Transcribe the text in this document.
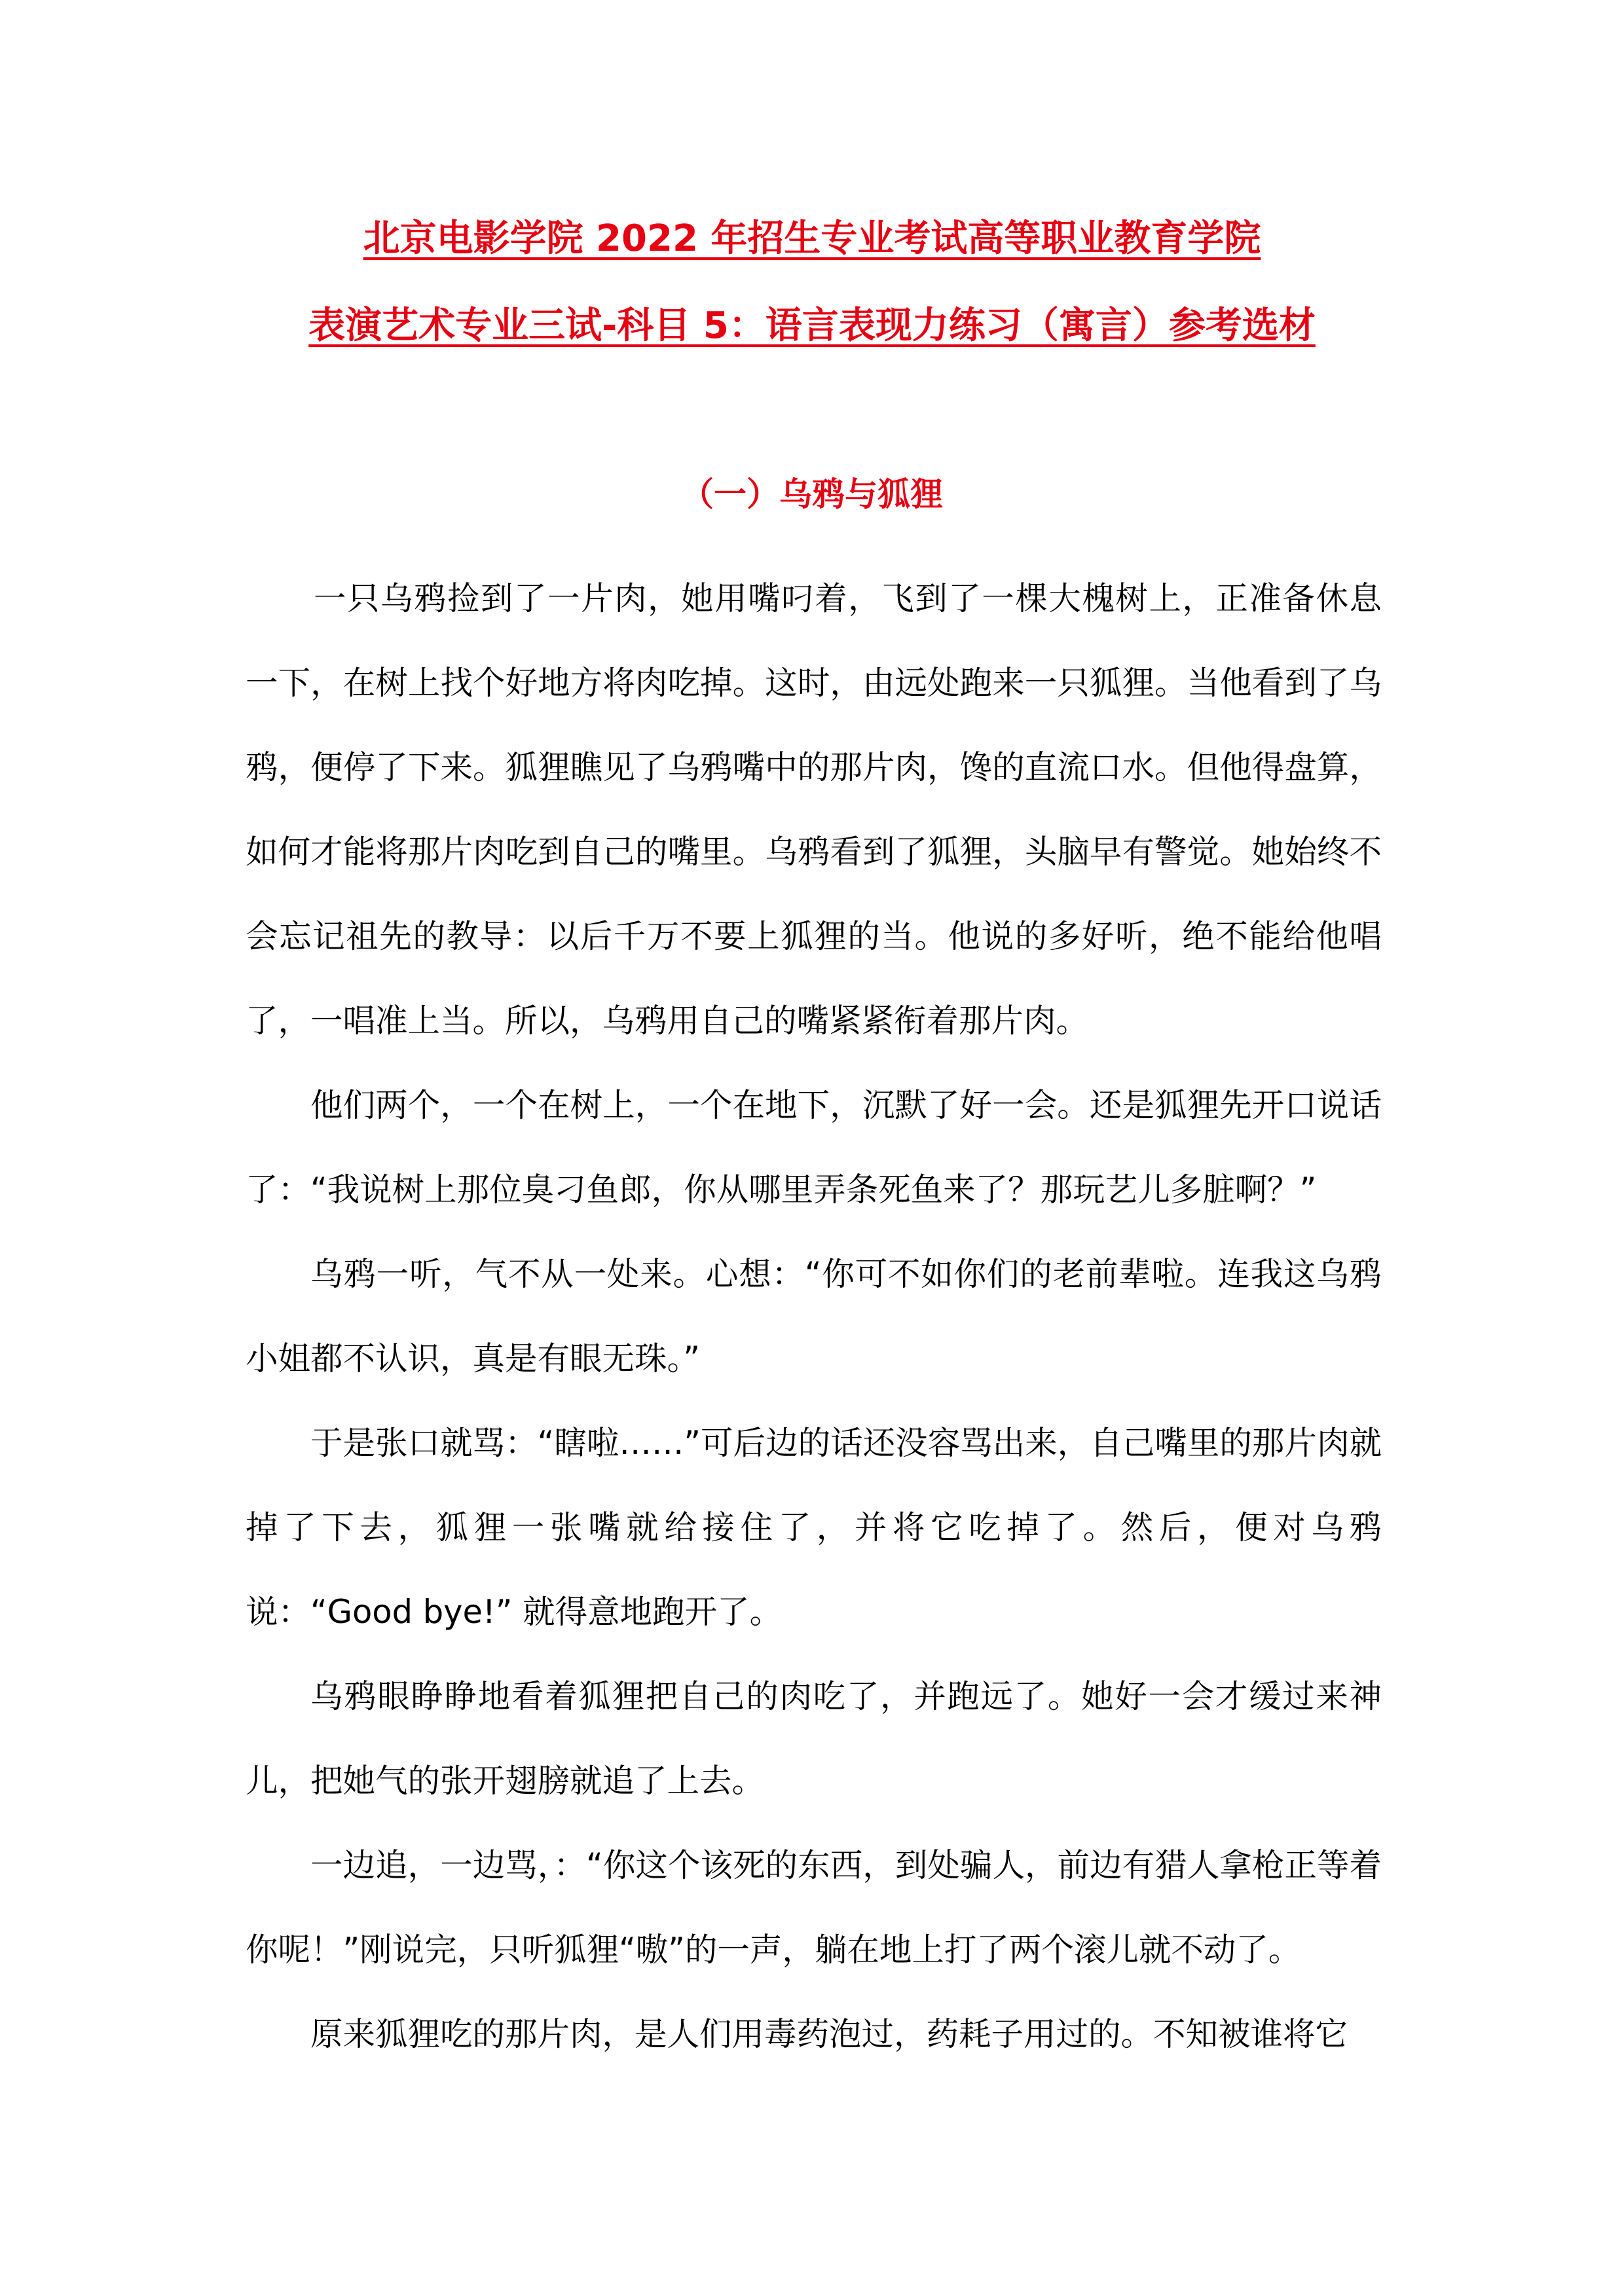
北京电影学院 2022 年招生专业考试高等职业教育学院
表演艺术专业三试-科目 5：语言表现力练习（寓言）参考选材
（一）乌鸦与狐狸

一只乌鸦捡到了一片肉，她用嘴叼着，飞到了一棵大槐树上，正准备休息一下，在树上找个好地方将肉吃掉。这时，由远处跑来一只狐狸。当他看到了乌鸦，便停了下来。狐狸瞧见了乌鸦嘴中的那片肉，馋的直流口水。但他得盘算，如何才能将那片肉吃到自己的嘴里。乌鸦看到了狐狸，头脑早有警觉。她始终不会忘记祖先的教导：以后千万不要上狐狸的当。他说的多好听，绝不能给他唱了，一唱准上当。所以，乌鸦用自己的嘴紧紧衔着那片肉。

他们两个，一个在树上，一个在地下，沉默了好一会。还是狐狸先开口说话了：“我说树上那位臭刁鱼郎，你从哪里弄条死鱼来了？那玩艺儿多脏啊？”

乌鸦一听，气不从一处来。心想：“你可不如你们的老前辈啦。连我这乌鸦小姐都不认识，真是有眼无珠。”

于是张口就骂：“瞎啦……”可后边的话还没容骂出来，自己嘴里的那片肉就掉了下去，狐狸一张嘴就给接住了，并将它吃掉了。然后，便对乌鸦说：“Good bye!” 就得意地跑开了。

乌鸦眼睁睁地看着狐狸把自己的肉吃了，并跑远了。她好一会才缓过来神儿，把她气的张开翅膀就追了上去。

一边追，一边骂，：“你这个该死的东西，到处骗人，前边有猎人拿枪正等着你呢！”刚说完，只听狐狸“嗷”的一声，躺在地上打了两个滚儿就不动了。

原来狐狸吃的那片肉，是人们用毒药泡过，药耗子用过的。不知被谁将它
